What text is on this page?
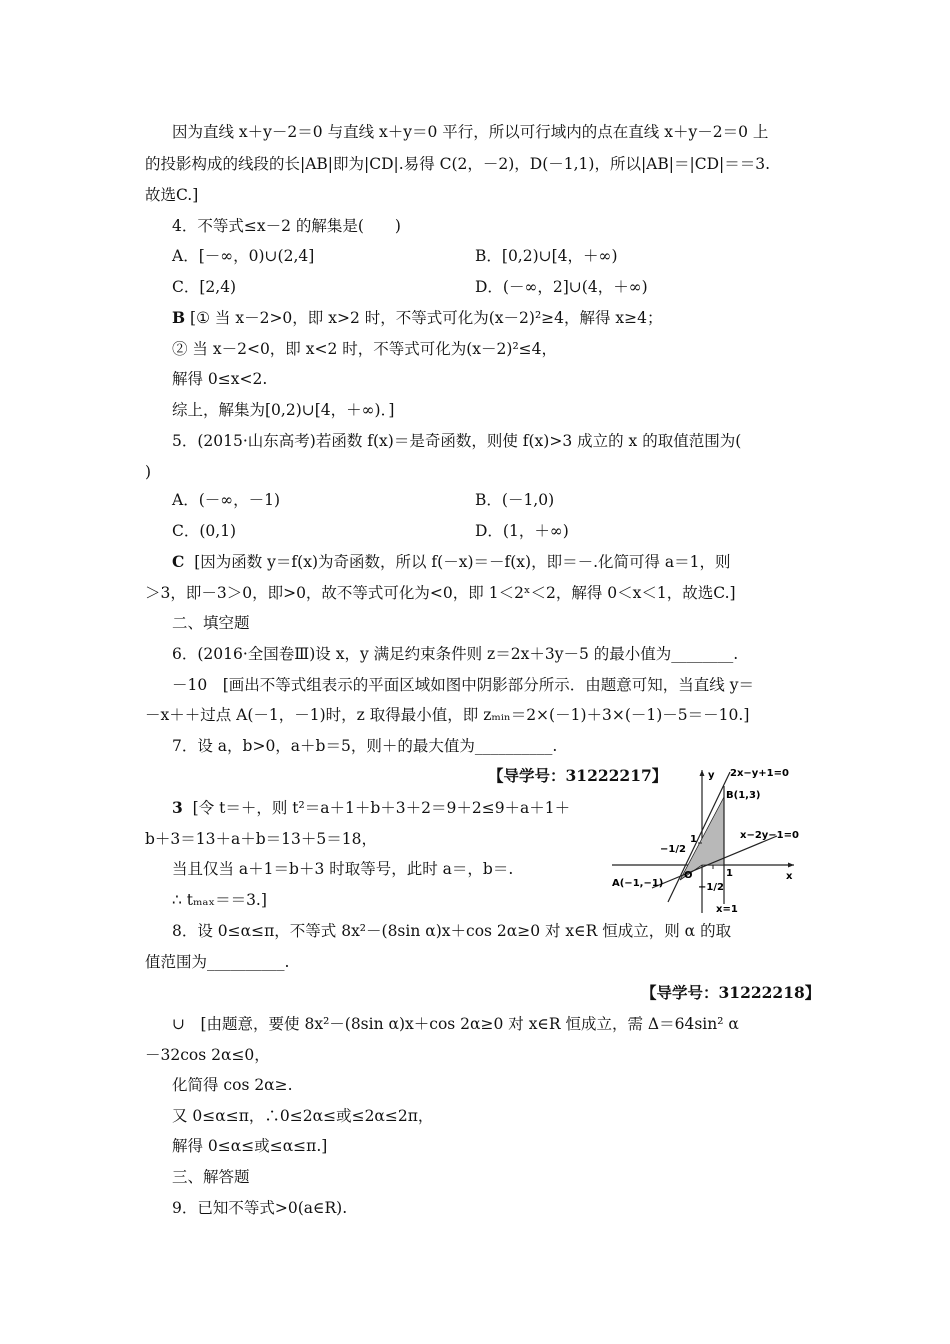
因为直线 x＋y－2＝0 与直线 x＋y＝0 平行，所以可行域内的点在直线 x＋y－2＝0 上
的投影构成的线段的长|AB|即为|CD|.易得 C(2，－2)，D(－1,1)，所以|AB|＝|CD|＝＝3.
故选C.]
4．不等式≤x－2 的解集是(　　)
A．[－∞，0)∪(2,4]	B．[0,2)∪[4，＋∞)
C．[2,4)	D．(－∞，2]∪(4，＋∞)
B [① 当 x－2>0，即 x>2 时，不等式可化为(x－2)²≥4，解得 x≥4；
② 当 x－2<0，即 x<2 时，不等式可化为(x－2)²≤4，
解得 0≤x<2.
综上，解集为[0,2)∪[4，＋∞)．]
5．(2015·山东高考)若函数 f(x)＝是奇函数，则使 f(x)>3 成立的 x 的取值范围为(
)
A．(－∞，－1)	B．(－1,0)
C．(0,1)	D．(1，＋∞)
C [因为函数 y＝f(x)为奇函数，所以 f(－x)＝－f(x)，即＝－.化简可得 a＝1，则
＞3，即－3＞0，即>0，故不等式可化为<0，即 1＜2ˣ＜2，解得 0＜x＜1，故选C.]
二、填空题
6．(2016·全国卷Ⅲ)设 x，y 满足约束条件则 z＝2x＋3y－5 的最小值为________.
－10　[画出不等式组表示的平面区域如图中阴影部分所示．由题意可知，当直线 y＝
－x＋＋过点 A(－1，－1)时，z 取得最小值，即 zₘᵢₙ＝2×(－1)＋3×(－1)－5＝－10.]
7．设 a，b>0，a＋b＝5，则＋的最大值为__________.
【导学号：31222217】
3 [令 t＝＋，则 t²＝a＋1＋b＋3＋2＝9＋2≤9＋a＋1＋
b＋3＝13＋a＋b＝13＋5＝18，
当且仅当 a＋1＝b＋3 时取等号，此时 a＝，b＝.
∴ tₘₐₓ＝＝3.]
y
x
2x−y+1=0
B(1,3)
x−2y−1=0
1
−1/2
O	1
−1/2
A(−1,−1)
x=1
8．设 0≤α≤π，不等式 8x²－(8sin α)x＋cos 2α≥0 对 x∈R 恒成立，则 α 的取
值范围为__________.
【导学号：31222218】
∪　[由题意，要使 8x²－(8sin α)x＋cos 2α≥0 对 x∈R 恒成立，需 Δ＝64sin² α
－32cos 2α≤0，
化简得 cos 2α≥.
又 0≤α≤π，∴0≤2α≤或≤2α≤2π，
解得 0≤α≤或≤α≤π.]
三、解答题
9．已知不等式>0(a∈R).
